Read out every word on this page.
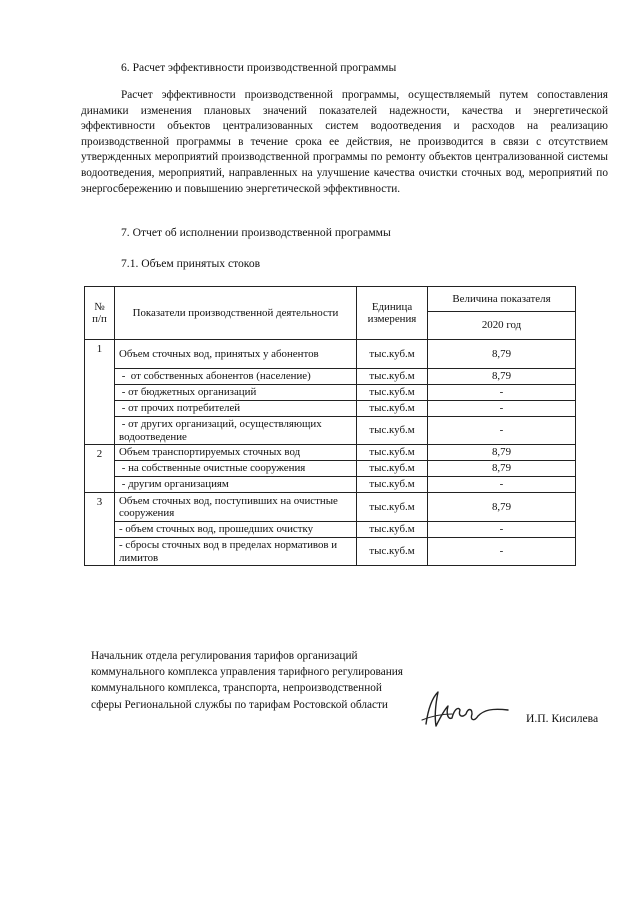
6. Расчет эффективности производственной программы
Расчет эффективности производственной программы, осуществляемый путем сопоставления динамики изменения плановых значений показателей надежности, качества и энергетической эффективности объектов централизованных систем водоотведения и расходов на реализацию производственной программы в течение срока ее действия, не производится в связи с отсутствием утвержденных мероприятий производственной программы по ремонту объектов централизованной системы водоотведения, мероприятий, направленных на улучшение качества очистки сточных вод, мероприятий по энергосбережению и повышению энергетической эффективности.
7. Отчет об исполнении производственной программы
7.1. Объем принятых стоков
№ п/п	Показатели производственной деятельности	Единица измерения	Величина показателя
			2020 год
1	Объем сточных вод, принятых у абонентов	тыс.куб.м	8,79
	-  от собственных абонентов (население)	тыс.куб.м	8,79
	- от бюджетных организаций	тыс.куб.м	-
	- от прочих потребителей	тыс.куб.м	-
	- от других организаций, осуществляющих водоотведение	тыс.куб.м	-
2	Объем транспортируемых сточных вод	тыс.куб.м	8,79
	- на собственные очистные сооружения	тыс.куб.м	8,79
	- другим организациям	тыс.куб.м	-
3	Объем сточных вод, поступивших на очистные сооружения	тыс.куб.м	8,79
	- объем сточных вод, прошедших очистку	тыс.куб.м	-
	- сбросы сточных вод в пределах нормативов и лимитов	тыс.куб.м	-
Начальник отдела регулирования тарифов организаций коммунального комплекса управления тарифного регулирования коммунального комплекса, транспорта, непроизводственной сферы Региональной службы по тарифам Ростовской области
И.П. Кисилева
